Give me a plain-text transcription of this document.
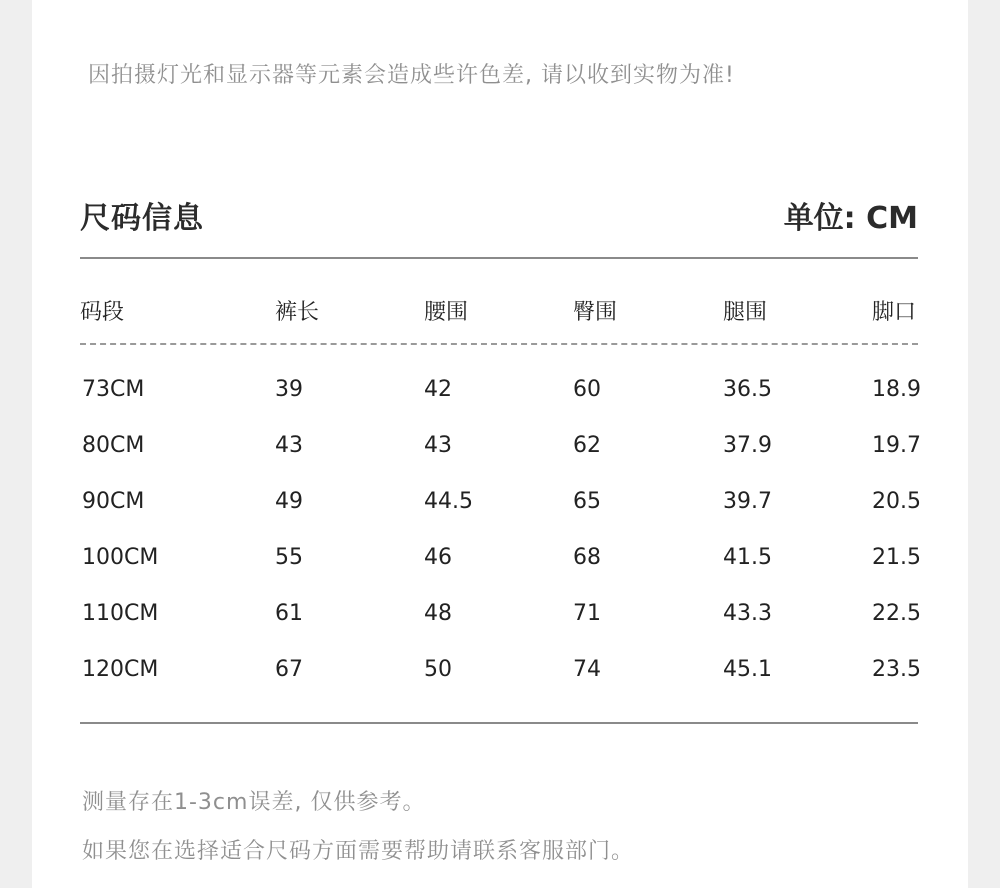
因拍摄灯光和显示器等元素会造成些许色差, 请以收到实物为准!
尺码信息	单位: CM
码段	裤长	腰围	臀围	腿围	脚口
73CM	39	42	60	36.5	18.9
80CM	43	43	62	37.9	19.7
90CM	49	44.5	65	39.7	20.5
100CM	55	46	68	41.5	21.5
110CM	61	48	71	43.3	22.5
120CM	67	50	74	45.1	23.5
测量存在1-3cm误差, 仅供参考。
如果您在选择适合尺码方面需要帮助请联系客服部门。
